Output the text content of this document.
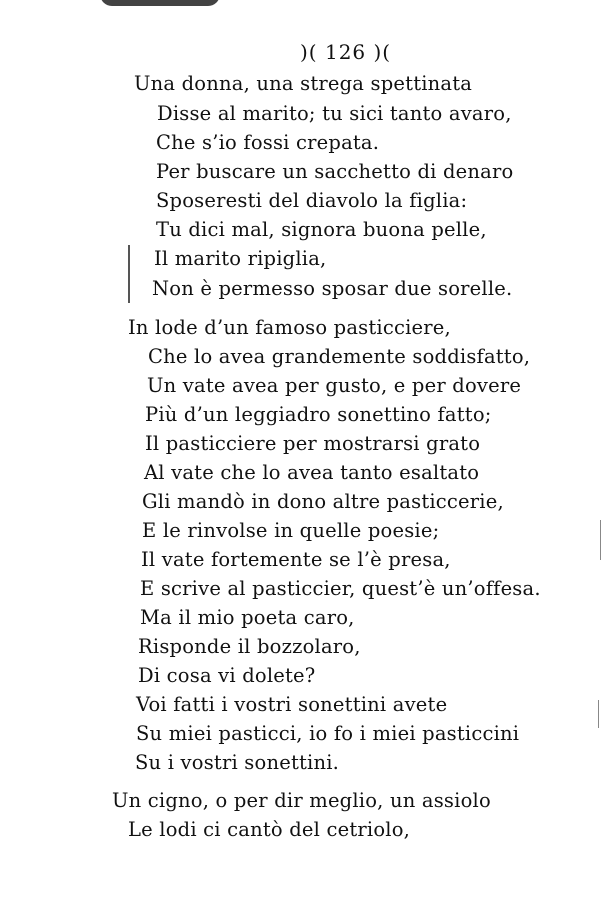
)( 126 )(
Una donna, una strega spettinata
Disse al marito; tu sici tanto avaro,
Che s’io fossi crepata.
Per buscare un sacchetto di denaro
Sposeresti del diavolo la figlia:
Tu dici mal, signora buona pelle,
Il marito ripiglia,
Non è permesso sposar due sorelle.
In lode d’un famoso pasticciere,
Che lo avea grandemente soddisfatto,
Un vate avea per gusto, e per dovere
Più d’un leggiadro sonettino fatto;
Il pasticciere per mostrarsi grato
Al vate che lo avea tanto esaltato
Gli mandò in dono altre pasticcerie,
E le rinvolse in quelle poesie;
Il vate fortemente se l’è presa,
E scrive al pasticcier, quest’è un’offesa.
Ma il mio poeta caro,
Risponde il bozzolaro,
Di cosa vi dolete?
Voi fatti i vostri sonettini avete
Su miei pasticci, io fo i miei pasticcini
Su i vostri sonettini.
Un cigno, o per dir meglio, un assiolo
Le lodi ci cantò del cetriolo,
